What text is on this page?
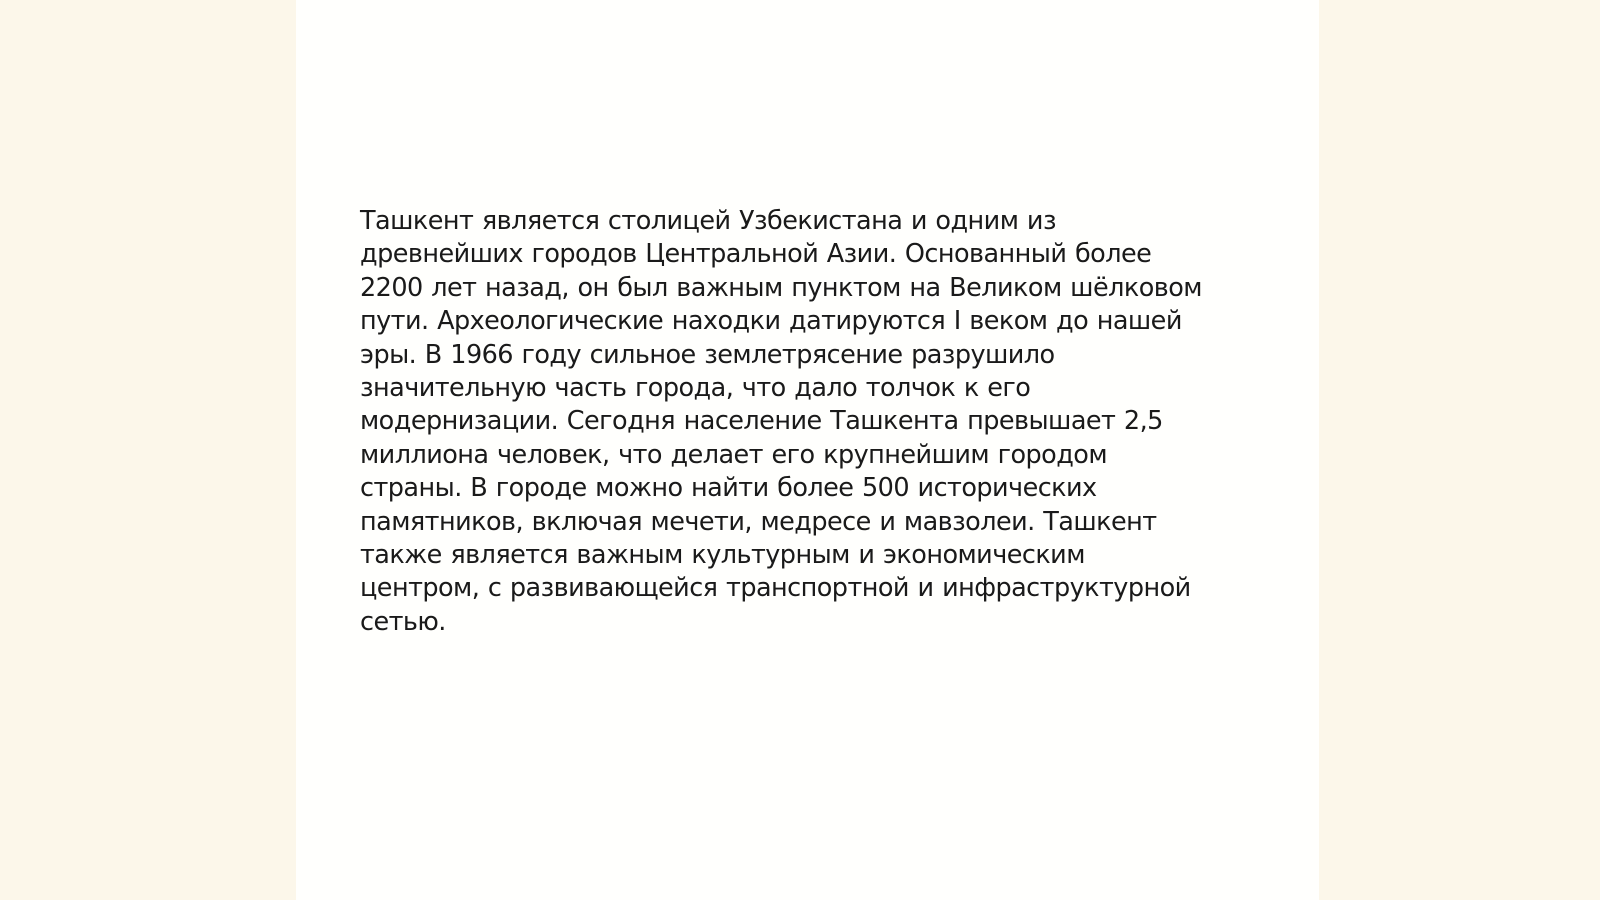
Ташкент является столицей Узбекистана и одним из
древнейших городов Центральной Азии. Основанный более
2200 лет назад, он был важным пунктом на Великом шёлковом
пути. Археологические находки датируются I веком до нашей
эры. В 1966 году сильное землетрясение разрушило
значительную часть города, что дало толчок к его
модернизации. Сегодня население Ташкента превышает 2,5
миллиона человек, что делает его крупнейшим городом
страны. В городе можно найти более 500 исторических
памятников, включая мечети, медресе и мавзолеи. Ташкент
также является важным культурным и экономическим
центром, с развивающейся транспортной и инфраструктурной
сетью.
